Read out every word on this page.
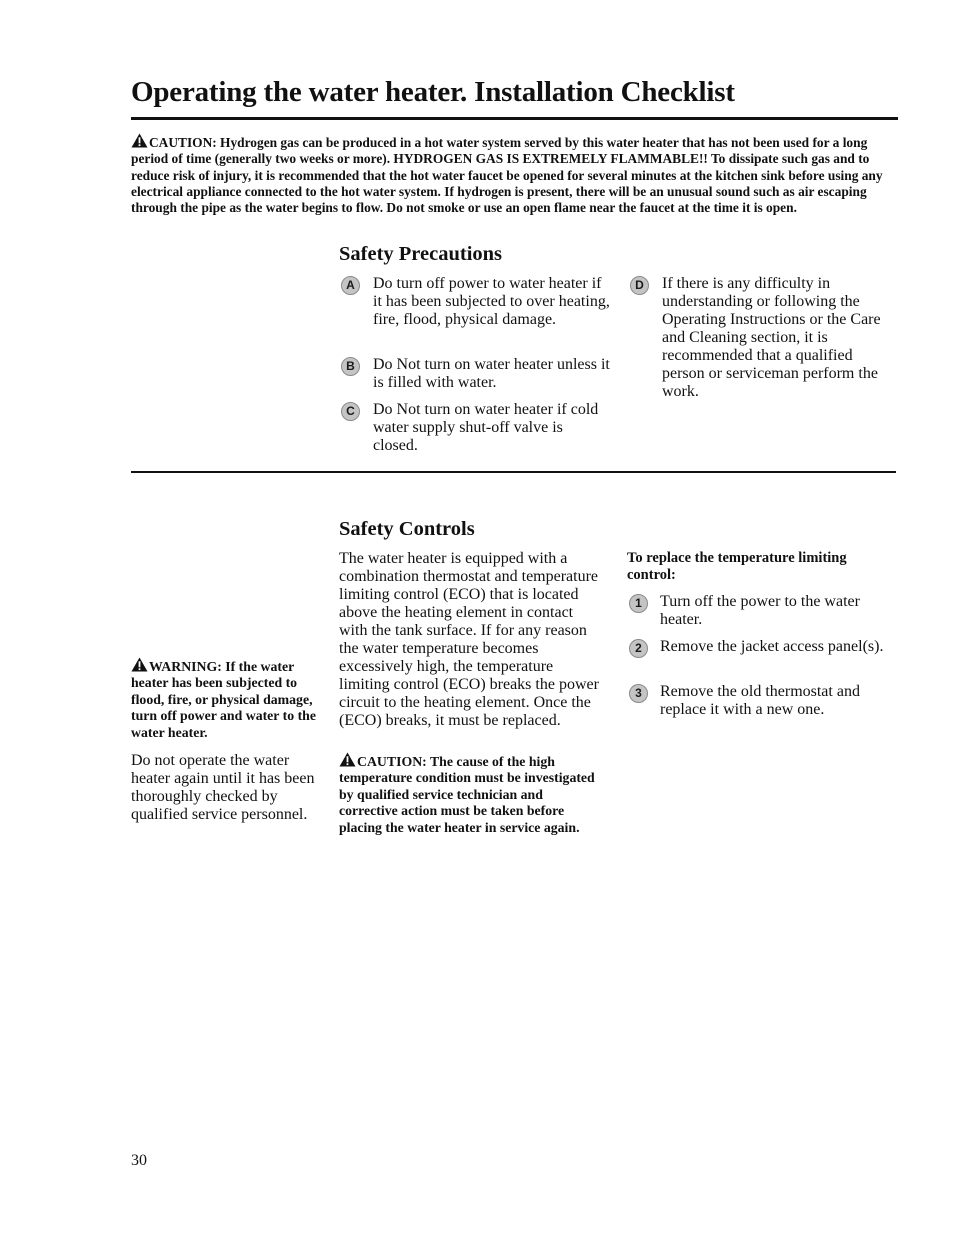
Operating the water heater. Installation Checklist
CAUTION: Hydrogen gas can be produced in a hot water system served by this water heater that has not been used for a long period of time (generally two weeks or more). HYDROGEN GAS IS EXTREMELY FLAMMABLE!! To dissipate such gas and to reduce risk of injury, it is recommended that the hot water faucet be opened for several minutes at the kitchen sink before using any electrical appliance connected to the hot water system. If hydrogen is present, there will be an unusual sound such as air escaping through the pipe as the water begins to flow. Do not smoke or use an open flame near the faucet at the time it is open.
Safety Precautions
A	Do turn off power to water heater if it has been subjected to over heating, fire, flood, physical damage.
B	Do Not turn on water heater unless it is filled with water.
C	Do Not turn on water heater if cold water supply shut-off valve is closed.
D	If there is any difficulty in understanding or following the Operating Instructions or the Care and Cleaning section, it is recommended that a qualified person or serviceman perform the work.
Safety Controls
The water heater is equipped with a combination thermostat and temperature limiting control (ECO) that is located above the heating element in contact with the tank surface. If for any reason the water temperature becomes excessively high, the temperature limiting control (ECO) breaks the power circuit to the heating element. Once the (ECO) breaks, it must be replaced.
CAUTION: The cause of the high temperature condition must be investigated by qualified service technician and corrective action must be taken before placing the water heater in service again.
WARNING: If the water heater has been subjected to flood, fire, or physical damage, turn off power and water to the water heater.
Do not operate the water heater again until it has been thoroughly checked by qualified service personnel.
To replace the temperature limiting control:
1	Turn off the power to the water heater.
2	Remove the jacket access panel(s).
3	Remove the old thermostat and replace it with a new one.
30
